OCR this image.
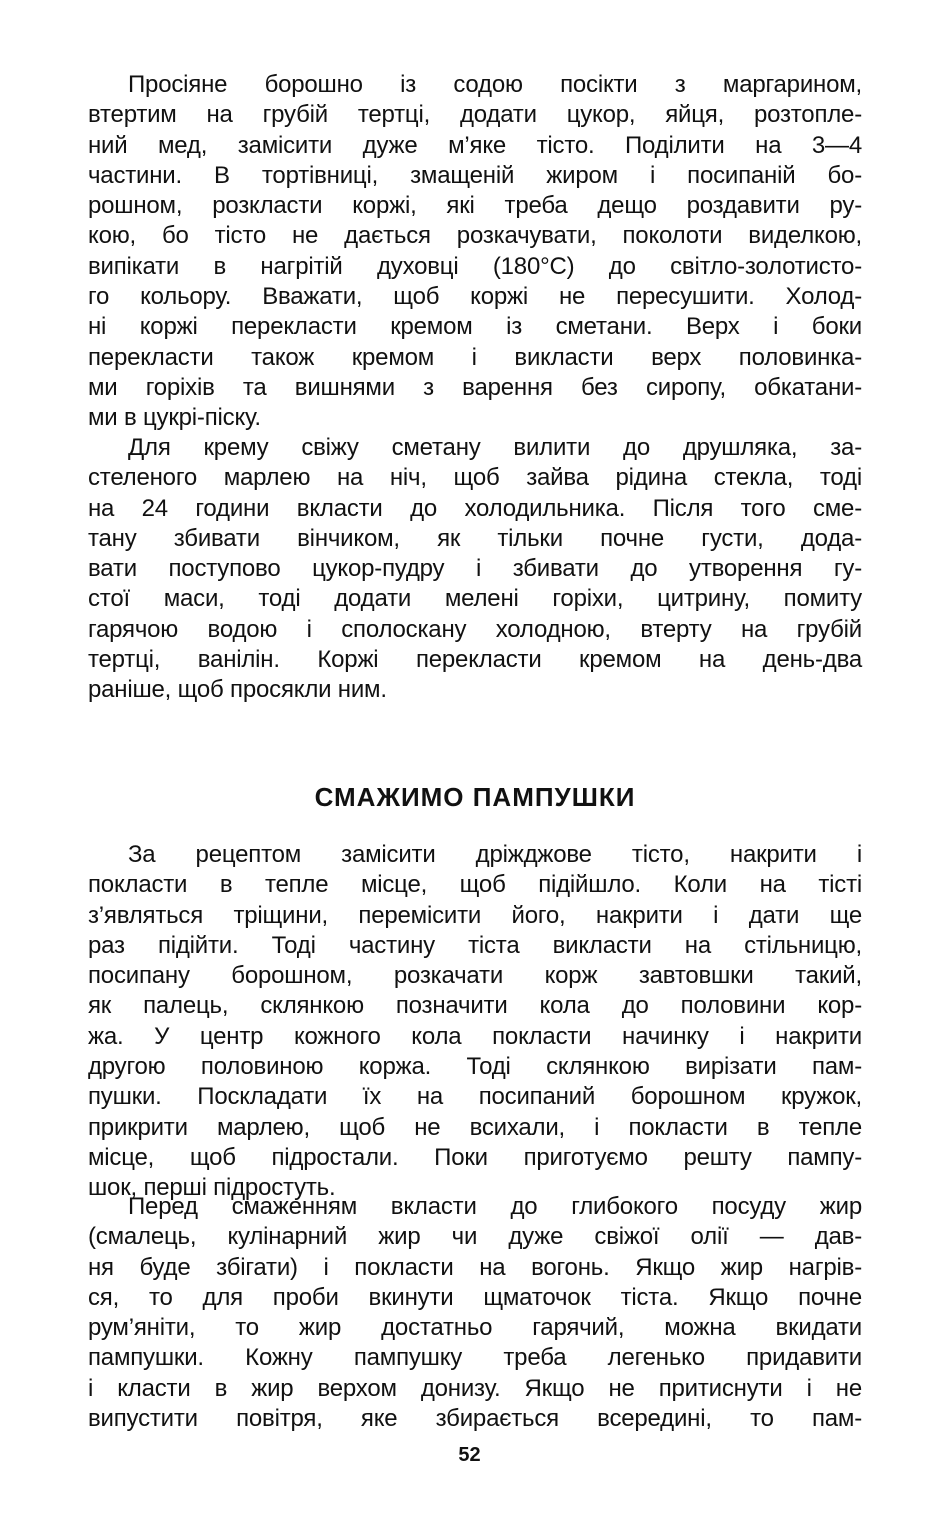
Просіяне борошно із содою посікти з маргарином,
втертим на грубій тертці, додати цукор, яйця, розтопле-
ний мед, замісити дуже м’яке тісто. Поділити на 3—4
частини. В тортівниці, змащеній жиром і посипаній бо-
рошном, розкласти коржі, які треба дещо роздавити ру-
кою, бо тісто не дається розкачувати, поколоти виделкою,
випікати в нагрітій духовці (180°С) до світло-золотисто-
го кольору. Вважати, щоб коржі не пересушити. Холод-
ні коржі перекласти кремом із сметани. Верх і боки
перекласти також кремом і викласти верх половинка-
ми горіхів та вишнями з варення без сиропу, обкатани-
ми в цукрі-піску.
Для крему свіжу сметану вилити до друшляка, за-
стеленого марлею на ніч, щоб зайва рідина стекла, тоді
на 24 години вкласти до холодильника. Після того сме-
тану збивати вінчиком, як тільки почне густи, дода-
вати поступово цукор-пудру і збивати до утворення гу-
стої маси, тоді додати мелені горіхи, цитрину, помиту
гарячою водою і сполоскану холодною, втерту на грубій
тертці, ванілін. Коржі перекласти кремом на день-два
раніше, щоб просякли ним.
СМАЖИМО ПАМПУШКИ
За рецептом замісити дріжджове тісто, накрити і
покласти в тепле місце, щоб підійшло. Коли на тісті
з’являться тріщини, перемісити його, накрити і дати ще
раз підійти. Тоді частину тіста викласти на стільницю,
посипану борошном, розкачати корж завтовшки такий,
як палець, склянкою позначити кола до половини кор-
жа. У центр кожного кола покласти начинку і накрити
другою половиною коржа. Тоді склянкою вирізати пам-
пушки. Поскладати їх на посипаний борошном кружок,
прикрити марлею, щоб не всихали, і покласти в тепле
місце, щоб підростали. Поки приготуємо решту пампу-
шок, перші підростуть.
Перед смаженням вкласти до глибокого посуду жир
(смалець, кулінарний жир чи дуже свіжої олії — дав-
ня буде збігати) і покласти на вогонь. Якщо жир нагрів-
ся, то для проби вкинути щматочок тіста. Якщо почне
рум’яніти, то жир достатньо гарячий, можна вкидати
пампушки. Кожну пампушку треба легенько придавити
і класти в жир верхом донизу. Якщо не притиснути і не
випустити повітря, яке збирається всередині, то пам-
52
